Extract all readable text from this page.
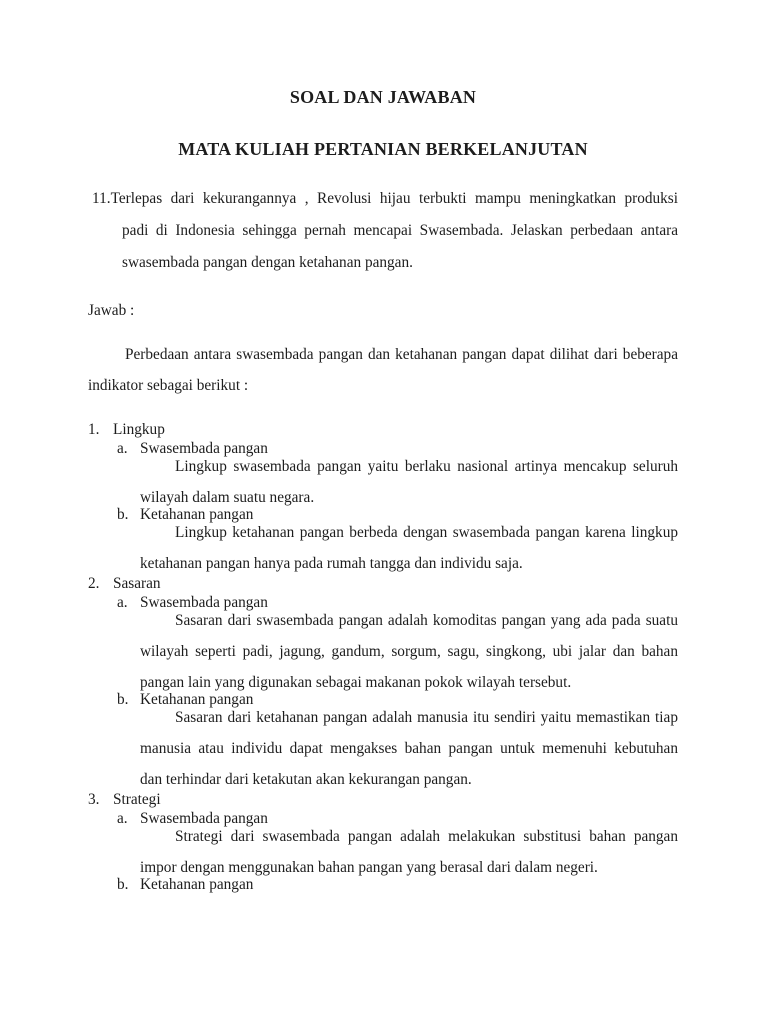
SOAL DAN JAWABAN
MATA KULIAH PERTANIAN BERKELANJUTAN
11. Terlepas dari kekurangannya , Revolusi hijau terbukti mampu meningkatkan produksi
padi di Indonesia sehingga pernah mencapai Swasembada. Jelaskan perbedaan antara
swasembada pangan dengan ketahanan pangan.
Jawab :
Perbedaan antara swasembada pangan dan ketahanan pangan dapat dilihat dari beberapa
indikator sebagai berikut :
1. Lingkup
a. Swasembada pangan
Lingkup swasembada pangan yaitu berlaku nasional artinya mencakup seluruh
wilayah dalam suatu negara.
b. Ketahanan pangan
Lingkup ketahanan pangan berbeda dengan swasembada pangan karena lingkup
ketahanan pangan hanya pada rumah tangga dan individu saja.
2. Sasaran
a. Swasembada pangan
Sasaran dari swasembada pangan adalah komoditas pangan yang ada pada suatu
wilayah seperti padi, jagung, gandum, sorgum, sagu, singkong, ubi jalar dan bahan
pangan lain yang digunakan sebagai makanan pokok wilayah tersebut.
b. Ketahanan pangan
Sasaran dari ketahanan pangan adalah manusia itu sendiri yaitu memastikan tiap
manusia atau individu dapat mengakses bahan pangan untuk memenuhi kebutuhan
dan terhindar dari ketakutan akan kekurangan pangan.
3. Strategi
a. Swasembada pangan
Strategi dari swasembada pangan adalah melakukan substitusi bahan pangan
impor dengan menggunakan bahan pangan yang berasal dari dalam negeri.
b. Ketahanan pangan
